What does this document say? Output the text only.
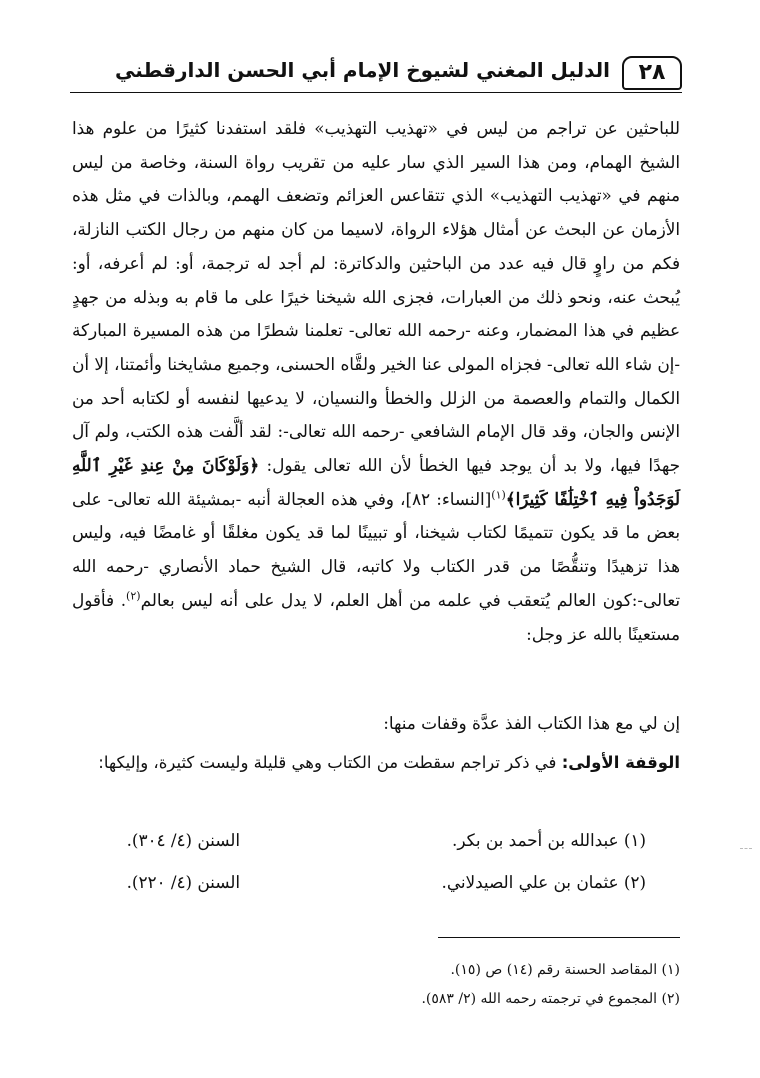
٢٨
الدليل المغني لشيوخ الإمام أبي الحسن الدارقطني

للباحثين عن تراجم من ليس في «تهذيب التهذيب» فلقد استفدنا كثيرًا من علوم هذا الشيخ الهمام، ومن هذا السير الذي سار عليه من تقريب رواة السنة، وخاصة من ليس منهم في «تهذيب التهذيب» الذي تتقاعس العزائم وتضعف الهمم، وبالذات في مثل هذه الأزمان عن البحث عن أمثال هؤلاء الرواة، لاسيما من كان منهم من رجال الكتب النازلة، فكم من راوٍ قال فيه عدد من الباحثين والدكاترة: لم أجد له ترجمة، أو: لم أعرفه، أو: يُبحث عنه، ونحو ذلك من العبارات، فجزى الله شيخنا خيرًا على ما قام به وبذله من جهدٍ عظيم في هذا المضمار، وعنه -رحمه الله تعالى- تعلمنا شطرًا من هذه المسيرة المباركة -إن شاء الله تعالى- فجزاه المولى عنا الخير ولقَّاه الحسنى، وجميع مشايخنا وأئمتنا، إلا أن الكمال والتمام والعصمة من الزلل والخطأ والنسيان، لا يدعيها لنفسه أو لكتابه أحد من الإنس والجان، وقد قال الإمام الشافعي -رحمه الله تعالى-: لقد ألَّفت هذه الكتب، ولم آل جهدًا فيها، ولا بد أن يوجد فيها الخطأ لأن الله تعالى يقول: ﴿وَلَوْكَانَ مِنْ عِندِ غَيْرِ ٱللَّهِ لَوَجَدُواْ فِيهِ ٱخْتِلَٰفًا كَثِيرًا﴾$^{(١)}$[النساء: ٨٢]، وفي هذه العجالة أنبه -بمشيئة الله تعالى- على بعض ما قد يكون تتميمًا لكتاب شيخنا، أو تبيينًا لما قد يكون مغلقًا أو غامضًا فيه، وليس هذا تزهيدًا وتنقُّصًا من قدر الكتاب ولا كاتبه، قال الشيخ حماد الأنصاري -رحمه الله تعالى-:كون العالم يُتعقب في علمه من أهل العلم، لا يدل على أنه ليس بعالم$^{(٢)}$. فأقول مستعينًا بالله عز وجل:

إن لي مع هذا الكتاب الفذ عدَّة وقفات منها:
الوقفة الأولى: في ذكر تراجم سقطت من الكتاب وهي قليلة وليست كثيرة، وإليكها:
(١) عبدالله بن أحمد بن بكر.
السنن (٤/ ٣٠٤).
(٢) عثمان بن علي الصيدلاني.
السنن (٤/ ٢٢٠).
(١) المقاصد الحسنة رقم (١٤) ص (١٥).
(٢) المجموع في ترجمته رحمه الله (٢/ ٥٨٣).
